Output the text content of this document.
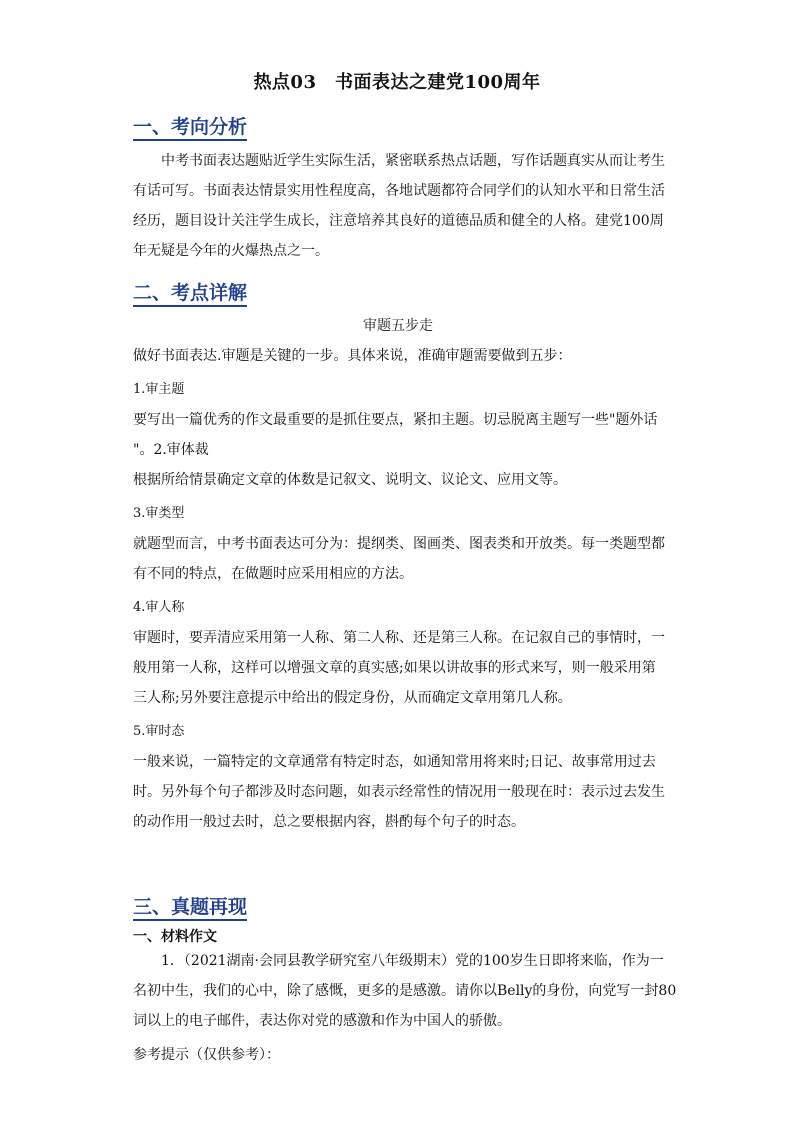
热点03　书面表达之建党100周年
一、考向分析
中考书面表达题贴近学生实际生活，紧密联系热点话题，写作话题真实从而让考生
有话可写。书面表达情景实用性程度高，各地试题都符合同学们的认知水平和日常生活
经历，题目设计关注学生成长，注意培养其良好的道德品质和健全的人格。建党100周
年无疑是今年的火爆热点之一。
二、考点详解
审题五步走
做好书面表达.审题是关键的一步。具体来说，准确审题需要做到五步：
1.审主题
要写出一篇优秀的作文最重要的是抓住要点，紧扣主题。切忌脱离主题写一些"题外话
"。2.审体裁
根据所给情景确定文章的体数是记叙文、说明文、议论文、应用文等。
3.审类型
就题型而言，中考书面表达可分为：提纲类、图画类、图表类和开放类。每一类题型都
有不同的特点，在做题时应采用相应的方法。
4.审人称
审题时，要弄清应采用第一人称、第二人称、还是第三人称。在记叙自己的事情时，一
般用第一人称，这样可以增强文章的真实感;如果以讲故事的形式来写，则一般采用第
三人称;另外要注意提示中给出的假定身份，从而确定文章用第几人称。
5.审时态
一般来说，一篇特定的文章通常有特定时态，如通知常用将来时;日记、故事常用过去
时。另外每个句子都涉及时态问题，如表示经常性的情况用一般现在时：表示过去发生
的动作用一般过去时，总之要根据内容，斟酌每个句子的时态。
三、真题再现
一、材料作文
1．（2021湖南·会同县教学研究室八年级期末）党的100岁生日即将来临，作为一
名初中生，我们的心中，除了感慨，更多的是感激。请你以Belly的身份，向党写一封80
词以上的电子邮件，表达你对党的感激和作为中国人的骄傲。
参考提示（仅供参考）：
